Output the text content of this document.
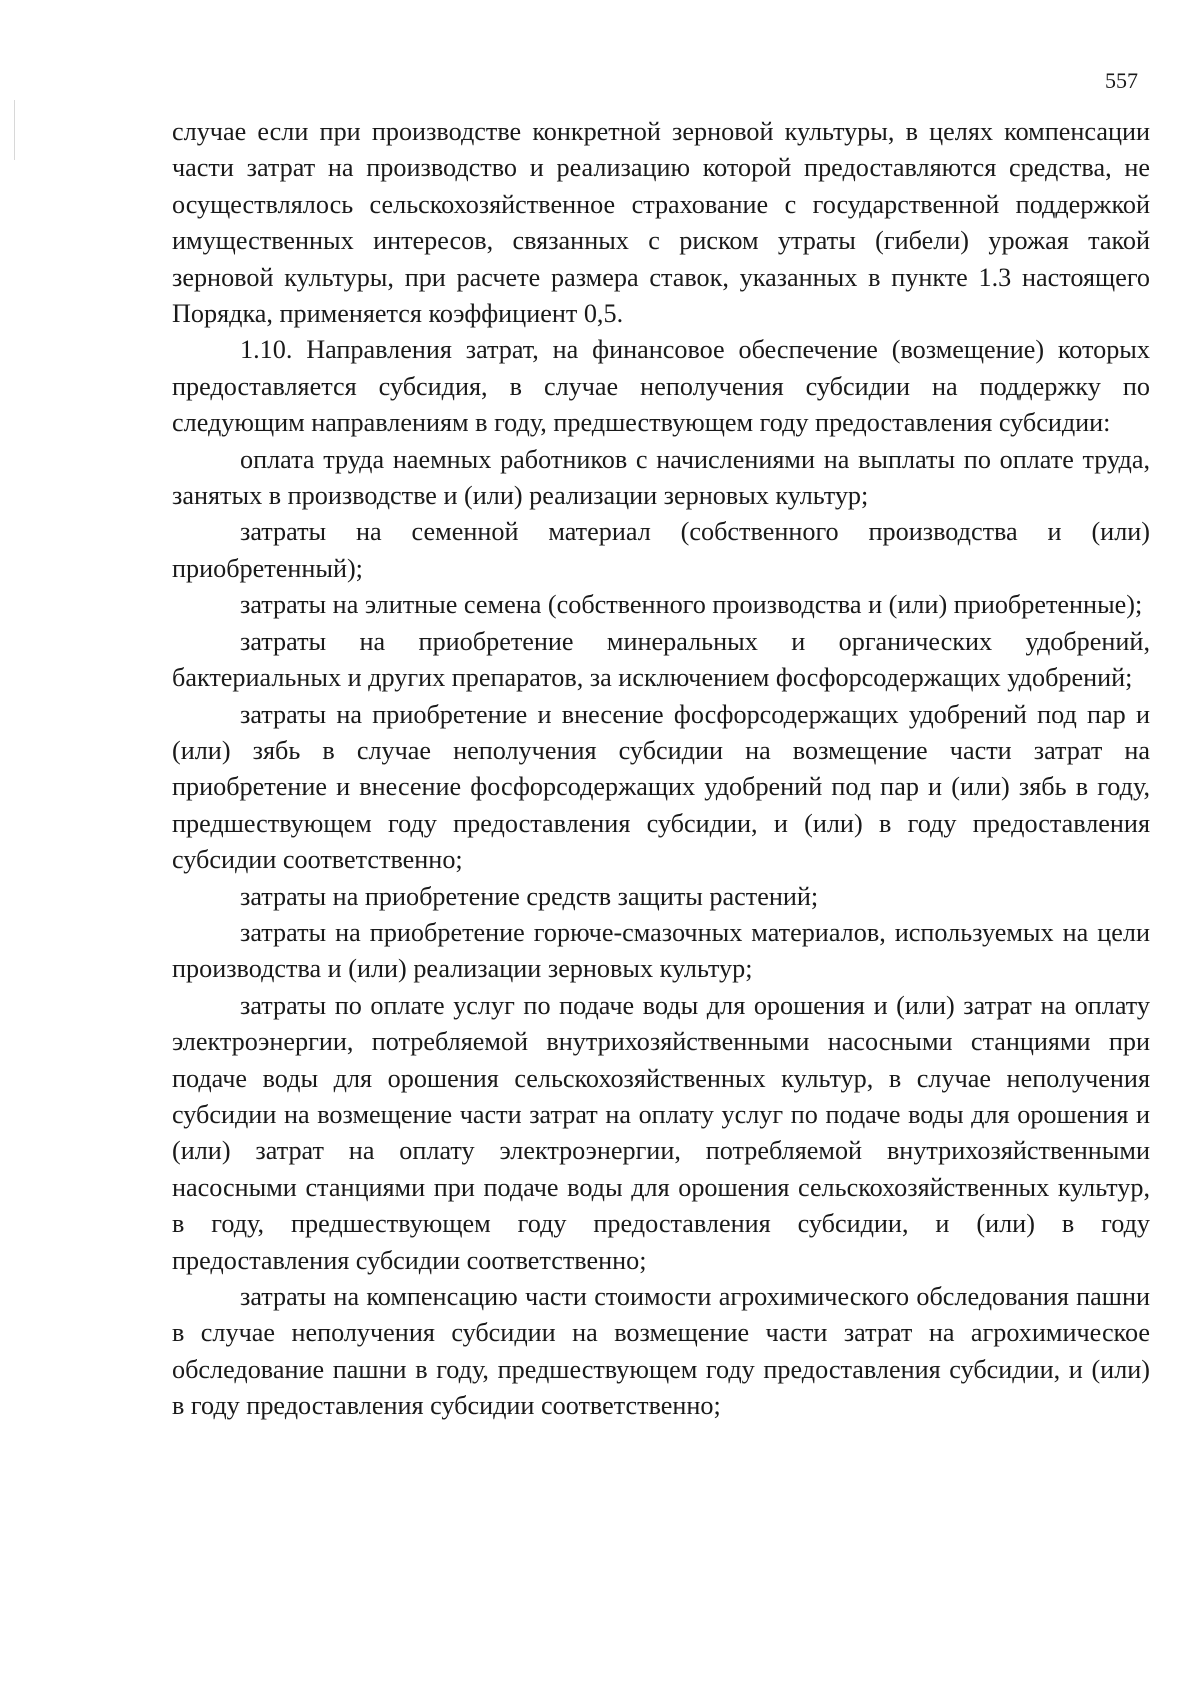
557

случае если при производстве конкретной зерновой культуры, в целях компенсации части затрат на производство и реализацию которой предоставляются средства, не осуществлялось сельскохозяйственное страхование с государственной поддержкой имущественных интересов, связанных с риском утраты (гибели) урожая такой зерновой культуры, при расчете размера ставок, указанных в пункте 1.3 настоящего Порядка, применяется коэффициент 0,5.

1.10. Направления затрат, на финансовое обеспечение (возмещение) которых предоставляется субсидия, в случае неполучения субсидии на поддержку по следующим направлениям в году, предшествующем году предоставления субсидии:

оплата труда наемных работников с начислениями на выплаты по оплате труда, занятых в производстве и (или) реализации зерновых культур;

затраты на семенной материал (собственного производства и (или) приобретенный);

затраты на элитные семена (собственного производства и (или) приобретенные);

затраты на приобретение минеральных и органических удобрений, бактериальных и других препаратов, за исключением фосфорсодержащих удобрений;

затраты на приобретение и внесение фосфорсодержащих удобрений под пар и (или) зябь в случае неполучения субсидии на возмещение части затрат на приобретение и внесение фосфорсодержащих удобрений под пар и (или) зябь в году, предшествующем году предоставления субсидии, и (или) в году предоставления субсидии соответственно;

затраты на приобретение средств защиты растений;

затраты на приобретение горюче-смазочных материалов, используемых на цели производства и (или) реализации зерновых культур;

затраты по оплате услуг по подаче воды для орошения и (или) затрат на оплату электроэнергии, потребляемой внутрихозяйственными насосными станциями при подаче воды для орошения сельскохозяйственных культур, в случае неполучения субсидии на возмещение части затрат на оплату услуг по подаче воды для орошения и (или) затрат на оплату электроэнергии, потребляемой внутрихозяйственными насосными станциями при подаче воды для орошения сельскохозяйственных культур, в году, предшествующем году предоставления субсидии, и (или) в году предоставления субсидии соответственно;

затраты на компенсацию части стоимости агрохимического обследования пашни в случае неполучения субсидии на возмещение части затрат на агрохимическое обследование пашни в году, предшествующем году предоставления субсидии, и (или) в году предоставления субсидии соответственно;
